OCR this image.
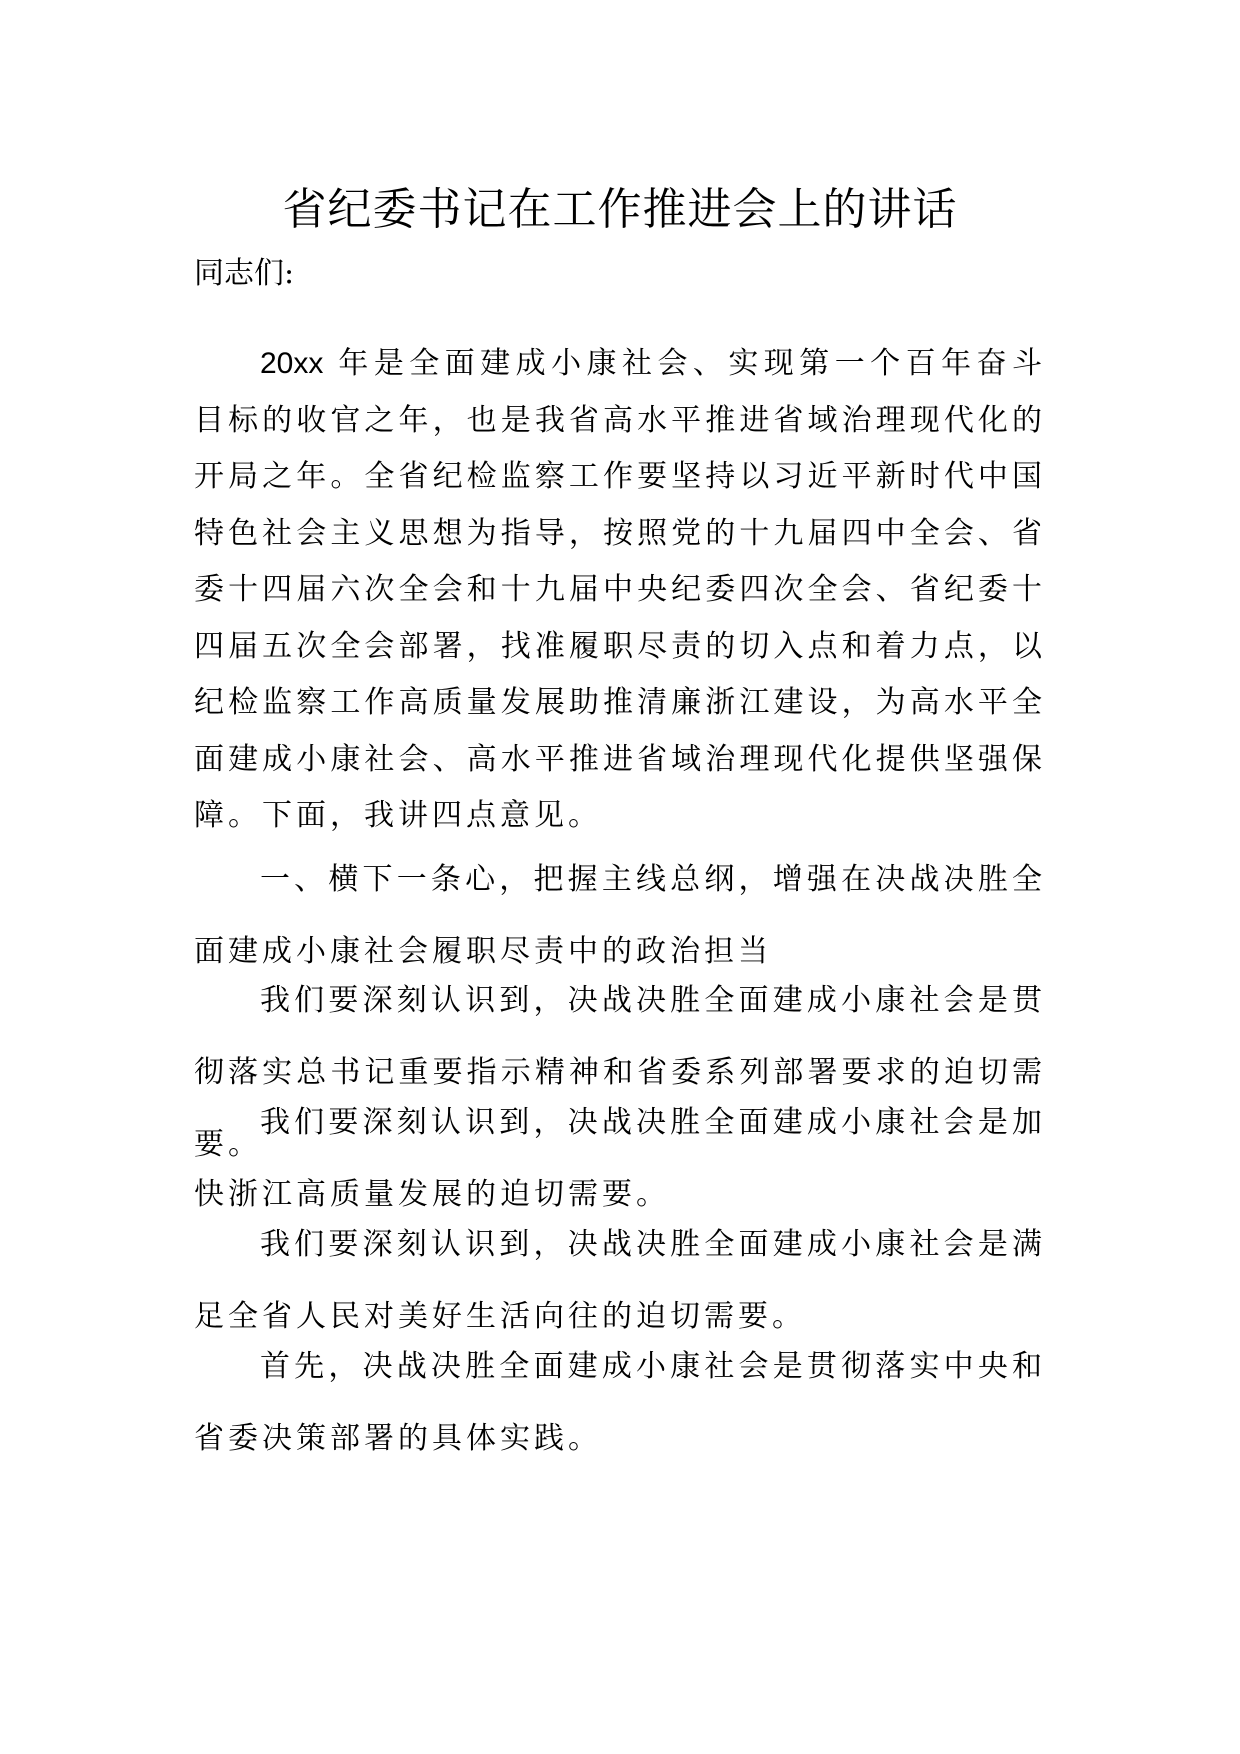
省纪委书记在工作推进会上的讲话
同志们:
20xx 年是全面建成小康社会、实现第一个百年奋斗目标的收官之年，也是我省高水平推进省域治理现代化的开局之年。全省纪检监察工作要坚持以习近平新时代中国特色社会主义思想为指导，按照党的十九届四中全会、省委十四届六次全会和十九届中央纪委四次全会、省纪委十四届五次全会部署，找准履职尽责的切入点和着力点，以纪检监察工作高质量发展助推清廉浙江建设，为高水平全面建成小康社会、高水平推进省域治理现代化提供坚强保障。下面，我讲四点意见。
一、横下一条心，把握主线总纲，增强在决战决胜全面建成小康社会履职尽责中的政治担当
我们要深刻认识到，决战决胜全面建成小康社会是贯彻落实总书记重要指示精神和省委系列部署要求的迫切需要。
我们要深刻认识到，决战决胜全面建成小康社会是加快浙江高质量发展的迫切需要。
我们要深刻认识到，决战决胜全面建成小康社会是满足全省人民对美好生活向往的迫切需要。
首先，决战决胜全面建成小康社会是贯彻落实中央和省委决策部署的具体实践。
